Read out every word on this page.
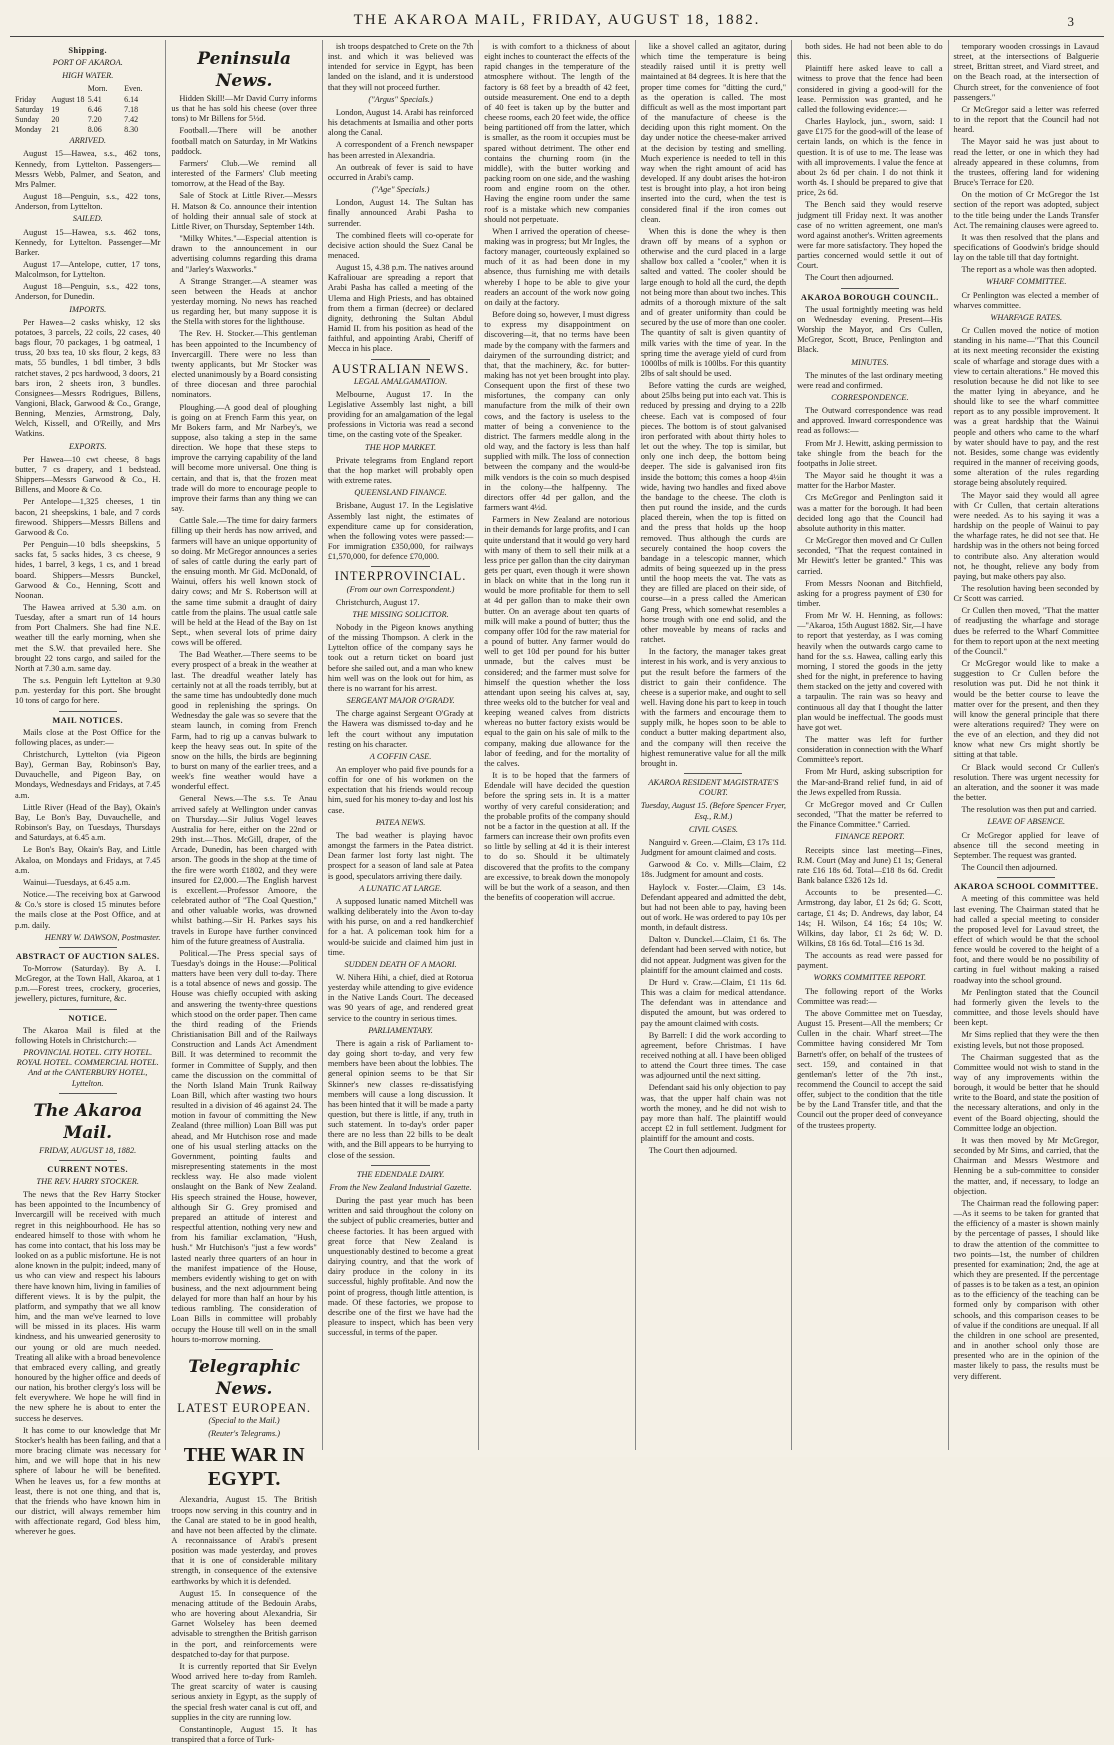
THE AKAROA MAIL, FRIDAY, AUGUST 18, 1882.	3
Shipping.
PORT OF AKAROA.
HIGH WATER.
Morn.	Even.
Friday	August 18 5.41	6.14
Saturday 19	6.46	7.18
Sunday	20	7.20	7.42
Monday	21	8.06	8.30
ARRIVED.

August 15—Hawea, s.s., 462 tons, Kennedy, from Lyttelton. Passengers—Messrs Webb, Palmer, and Seaton, and Mrs Palmer.

August 18—Penguin, s.s., 422 tons, Anderson, from Lyttelton.

SAILED.

August 15—Hawea, s.s. 462 tons, Kennedy, for Lyttelton. Passenger—Mr Barker.

August 17—Antelope, cutter, 17 tons, Malcolmson, for Lyttelton.

August 18—Penguin, s.s., 422 tons, Anderson, for Dunedin.

IMPORTS.

Per Hawea—2 casks whisky, 12 sks potatoes, 3 parcels, 22 coils, 22 cases, 40 bags flour, 70 packages, 1 bg oatmeal, 1 truss, 20 bxs tea, 10 sks flour, 2 kegs, 83 mats, 55 bundles, 1 bdl timber, 3 bdls ratchet staves, 2 pcs hardwood, 3 doors, 21 bars iron, 2 sheets iron, 3 bundles. Consignees—Messrs Rodrigues, Billens, Vangioni, Black, Garwood & Co., Grange, Benning, Menzies, Armstrong, Daly, Welch, Kissell, and O'Reilly, and Mrs Watkins.

EXPORTS.

Per Hawea—10 cwt cheese, 8 bags butter, 7 cs drapery, and 1 bedstead. Shippers—Messrs Garwood & Co., H. Billens, and Moore & Co.

Per Antelope—1,325 cheeses, 1 tin bacon, 21 sheepskins, 1 bale, and 7 cords firewood. Shippers—Messrs Billens and Garwood & Co.

Per Penguin—10 bdls sheepskins, 5 sacks fat, 5 sacks hides, 3 cs cheese, 9 hides, 1 barrel, 3 kegs, 1 cs, and 1 bread board. Shippers—Messrs Bunckel, Garwood & Co., Henning, Scott and Noonan.

The Hawea arrived at 5.30 a.m. on Tuesday, after a smart run of 14 hours from Port Chalmers. She had fine N.E. weather till the early morning, when she met the S.W. that prevailed here. She brought 22 tons cargo, and sailed for the North at 7.30 a.m. same day.

The s.s. Penguin left Lyttelton at 9.30 p.m. yesterday for this port. She brought 10 tons of cargo for here.

MAIL NOTICES.

Mails close at the Post Office for the following places, as under:—

Christchurch, Lyttelton (via Pigeon Bay), German Bay, Robinson's Bay, Duvauchelle, and Pigeon Bay, on Mondays, Wednesdays and Fridays, at 7.45 a.m.

Little River (Head of the Bay), Okain's Bay, Le Bon's Bay, Duvauchelle, and Robinson's Bay, on Tuesdays, Thursdays and Saturdays, at 6.45 a.m.

Le Bon's Bay, Okain's Bay, and Little Akaloa, on Mondays and Fridays, at 7.45 a.m.

Wainui—Tuesdays, at 6.45 a.m.

Notice.—The receiving box at Garwood & Co.'s store is closed 15 minutes before the mails close at the Post Office, and at p.m. daily.

HENRY W. DAWSON, Postmaster.
ABSTRACT OF AUCTION SALES.

To-Morrow (Saturday). By A. I. McGregor, at the Town Hall, Akaroa, at 1 p.m.—Forest trees, crockery, groceries, jewellery, pictures, furniture, &c.

NOTICE.

The Akaroa Mail is filed at the following Hotels in Christchurch:—

PROVINCIAL HOTEL. CITY HOTEL. ROYAL HOTEL. COMMERCIAL HOTEL. And at the CANTERBURY HOTEL, Lyttelton.
The Akaroa Mail.
FRIDAY, AUGUST 18, 1882.
CURRENT NOTES.
THE REV. HARRY STOCKER.

The news that the Rev Harry Stocker has been appointed to the Incumbency of Invercargill will be received with much regret in this neighbourhood. He has so endeared himself to those with whom he has come into contact, that his loss may be looked on as a public misfortune. He is not alone known in the pulpit; indeed, many of us who can view and respect his labours there have known him, living in families of different views. It is by the pulpit, the platform, and sympathy that we all know him, and the man we've learned to love will be missed in its places. His warm kindness, and his unwearied generosity to our young or old are much needed. Treating all alike with a broad benevolence that embraced every calling, and greatly honoured by the higher office and deeds of our nation, his brother clergy's loss will be felt everywhere. We hope he will find in the new sphere he is about to enter the success he deserves.

It has come to our knowledge that Mr Stocker's health has been failing, and that a more bracing climate was necessary for him, and we will hope that in his new sphere of labour he will be benefited. When he leaves us, for a few months at least, there is not one thing, and that is, that the friends who have known him in our district, will always remember him with affectionate regard, God bless him, wherever he goes.

Peninsula News.

Hidden Skill!—Mr David Curry informs us that he has sold his cheese (over three tons) to Mr Billens for 5½d.

Football.—There will be another football match on Saturday, in Mr Watkins paddock.

Farmers' Club.—We remind all interested of the Farmers' Club meeting tomorrow, at the Head of the Bay.

Sale of Stock at Little River.—Messrs H. Matson & Co. announce their intention of holding their annual sale of stock at Little River, on Thursday, September 14th.

"Milky Whites."—Especial attention is drawn to the announcement in our advertising columns regarding this drama and "Jarley's Waxworks."

A Strange Stranger.—A steamer was seen between the Heads at anchor yesterday morning. No news has reached us regarding her, but many suppose it is the Stella with stores for the lighthouse.

The Rev. H. Stocker.—This gentleman has been appointed to the Incumbency of Invercargill. There were no less than twenty applicants, but Mr Stocker was elected unanimously by a Board consisting of three diocesan and three parochial nominators.

Ploughing.—A good deal of ploughing is going on at French Farm this year, on Mr Bokers farm, and Mr Narbey's, we suppose, also taking a step in the same direction. We hope that these steps to improve the carrying capability of the land will become more universal. One thing is certain, and that is, that the frozen meat trade will do more to encourage people to improve their farms than any thing we can say.

Cattle Sale.—The time for dairy farmers filling up their herds has now arrived, and farmers will have an unique opportunity of so doing. Mr McGregor announces a series of sales of cattle during the early part of the ensuing month. Mr Gid. McDonald, of Wainui, offers his well known stock of dairy cows; and Mr S. Robertson will at the same time submit a draught of dairy cattle from the plains. The usual cattle sale will be held at the Head of the Bay on 1st Sept., when several lots of prime dairy cows will be offered.

The Bad Weather.—There seems to be every prospect of a break in the weather at last. The dreadful weather lately has certainly not at all the roads terribly, but at the same time has undoubtedly done much good in replenishing the springs. On Wednesday the gale was so severe that the steam launch, in coming from French Farm, had to rig up a canvas bulwark to keep the heavy seas out. In spite of the snow on the hills, the birds are beginning to burst on many of the earlier trees, and a week's fine weather would have a wonderful effect.

General News.—The s.s. Te Anau arrived safely at Wellington under canvas on Thursday.—Sir Julius Vogel leaves Australia for here, either on the 22nd or 29th inst.—Thos. McGill, draper, of the Arcade, Dunedin, has been charged with arson. The goods in the shop at the time of the fire were worth £1802, and they were insured for £2,000.—The English harvest is excellent.—Professor Amoore, the celebrated author of "The Coal Question," and other valuable works, was drowned whilst bathing.—Sir H. Parkes says his travels in Europe have further convinced him of the future greatness of Australia.

Political.—The Press special says of Tuesday's doings in the House:—Political matters have been very dull to-day. There is a total absence of news and gossip. The House was chiefly occupied with asking and answering the twenty-three questions which stood on the order paper. Then came the third reading of the Friends Christianisation Bill and of the Railways Construction and Lands Act Amendment Bill. It was determined to recommit the former in Committee of Supply, and then came the discussion on the committal of the North Island Main Trunk Railway Loan Bill, which after wasting two hours resulted in a division of 46 against 24. The motion in favour of committing the New Zealand (three million) Loan Bill was put ahead, and Mr Hutchison rose and made one of his usual sterling attacks on the Government, pointing faults and misrepresenting statements in the most reckless way. He also made violent onslaught on the Bank of New Zealand. His speech strained the House, however, although Sir G. Grey promised and prepared an attitude of interest and respectful attention, nothing very new and from his familiar exclamation, "Hush, hush." Mr Hutchison's "just a few words" lasted nearly three quarters of an hour in the manifest impatience of the House, members evidently wishing to get on with business, and the next adjournment being delayed for more than half an hour by his tedious rambling. The consideration of Loan Bills in committee will probably occupy the House till well on in the small hours to-morrow morning.

Telegraphic News.
LATEST EUROPEAN.
(Special to the Mail.)
(Reuter's Telegrams.)
THE WAR IN EGYPT.

Alexandria, August 15. The British troops now serving in this country and in the Canal are stated to be in good health, and have not been affected by the climate. A reconnaissance of Arabi's present position was made yesterday, and proves that it is one of considerable military strength, in consequence of the extensive earthworks by which it is defended.

August 15. In consequence of the menacing attitude of the Bedouin Arabs, who are hovering about Alexandria, Sir Garnet Wolseley has been deemed advisable to strengthen the British garrison in the port, and reinforcements were despatched to-day for that purpose.

It is currently reported that Sir Evelyn Wood arrived here to-day from Ramleh. The great scarcity of water is causing serious anxiety in Egypt, as the supply of the special fresh water canal is cut off, and supplies in the city are running low.

Constantinople, August 15. It has transpired that a force of Turk-

ish troops despatched to Crete on the 7th inst. and which it was believed was intended for service in Egypt, has been landed on the island, and it is understood that they will not proceed further.

("Argus" Specials.)

London, August 14. Arabi has reinforced his detachments at Ismailia and other ports along the Canal.

A correspondent of a French newspaper has been arrested in Alexandria.

An outbreak of fever is said to have occurred in Arabi's camp.

("Age" Specials.)

London, August 14. The Sultan has finally announced Arabi Pasha to surrender.

The combined fleets will co-operate for decisive action should the Suez Canal be menaced.

August 15, 4.38 p.m. The natives around Kafraliouar are spreading a report that Arabi Pasha has called a meeting of the Ulema and High Priests, and has obtained from them a firman (decree) or declared dignity, dethroning the Sultan Abdul Hamid II. from his position as head of the faithful, and appointing Arabi, Cheriff of Mecca in his place.

AUSTRALIAN NEWS.
LEGAL AMALGAMATION.

Melbourne, August 17. In the Legislative Assembly last night, a bill providing for an amalgamation of the legal professions in Victoria was read a second time, on the casting vote of the Speaker.

THE HOP MARKET.

Private telegrams from England report that the hop market will probably open with extreme rates.

QUEENSLAND FINANCE.

Brisbane, August 17. In the Legislative Assembly last night, the estimates of expenditure came up for consideration, when the following votes were passed:—For immigration £350,000, for railways £1,570,000, for defence £70,000.

INTERPROVINCIAL.
(From our own Correspondent.)

Christchurch, August 17.

THE MISSING SOLICITOR.

Nobody in the Pigeon knows anything of the missing Thompson. A clerk in the Lyttelton office of the company says he took out a return ticket on board just before she sailed out, and a man who knew him well was on the look out for him, as there is no warrant for his arrest.

SERGEANT MAJOR O'GRADY.

The charge against Sergeant O'Grady at the Hawera was dismissed to-day and he left the court without any imputation resting on his character.

A COFFIN CASE.

An employer who paid five pounds for a coffin for one of his workmen on the expectation that his friends would recoup him, sued for his money to-day and lost his case.

PATEA NEWS.

The bad weather is playing havoc amongst the farmers in the Patea district. Dean farmer lost forty last night. The prospect for a season of land sale at Patea is good, speculators arriving there daily.

A LUNATIC AT LARGE.

A supposed lunatic named Mitchell was walking deliberately into the Avon to-day with his purse, on and a red handkerchief for a hat. A policeman took him for a would-be suicide and claimed him just in time.

SUDDEN DEATH OF A MAORI.

W. Nihera Hihi, a chief, died at Rotorua yesterday while attending to give evidence in the Native Lands Court. The deceased was 90 years of age, and rendered great service to the country in serious times.

PARLIAMENTARY.

There is again a risk of Parliament to-day going short to-day, and very few members have been about the lobbies. The general opinion seems to be that Sir Skinner's new classes re-dissatisfying members will cause a long discussion. It has been hinted that it will be made a party question, but there is little, if any, truth in such statement. In to-day's order paper there are no less than 22 bills to be dealt with, and the Bill appears to be hurrying to close of the session.

THE EDENDALE DAIRY.
From the New Zealand Industrial Gazette.

During the past year much has been written and said throughout the colony on the subject of public creameries, butter and cheese factories. It has been argued with great force that New Zealand is unquestionably destined to become a great dairying country, and that the work of dairy produce in the colony in its successful, highly profitable. And now the point of progress, though little attention, is made. Of these factories, we propose to describe one of the first we have had the pleasure to inspect, which has been very successful, in terms of the paper.

is with comfort to a thickness of about eight inches to counteract the effects of the rapid changes in the temperature of the atmosphere without. The length of the factory is 68 feet by a breadth of 42 feet, outside measurement. One end to a depth of 40 feet is taken up by the butter and cheese rooms, each 20 feet wide, the office being partitioned off from the latter, which is smaller, as the room it occupies must be spared without detriment. The other end contains the churning room (in the middle), with the butter working and packing room on one side, and the washing room and engine room on the other. Having the engine room under the same roof is a mistake which new companies should not perpetuate.

When I arrived the operation of cheese-making was in progress; but Mr Ingles, the factory manager, courteously explained so much of it as had been done in my absence, thus furnishing me with details whereby I hope to be able to give your readers an account of the work now going on daily at the factory.

Before doing so, however, I must digress to express my disappointment on discovering—it, that no terms have been made by the company with the farmers and dairymen of the surrounding district; and that, that the machinery, &c. for butter-making has not yet been brought into play. Consequent upon the first of these two misfortunes, the company can only manufacture from the milk of their own cows, and the factory is useless to the matter of being a convenience to the district. The farmers meddle along in the old way, and the factory is less than half supplied with milk. The loss of connection between the company and the would-be milk vendors is the coin so much despised in the colony—the halfpenny. The directors offer 4d per gallon, and the farmers want 4½d.

Farmers in New Zealand are notorious in their demands for large profits, and I can quite understand that it would go very hard with many of them to sell their milk at a less price per gallon than the city dairyman gets per quart, even though it were shown in black on white that in the long run it would be more profitable for them to sell at 4d per gallon than to make their own butter. On an average about ten quarts of milk will make a pound of butter; thus the company offer 10d for the raw material for a pound of butter. Any farmer would do well to get 10d per pound for his butter unmade, but the calves must be considered; and the farmer must solve for himself the question whether the loss attendant upon seeing his calves at, say, three weeks old to the butcher for veal and keeping weaned calves from districts whereas no butter factory exists would be equal to the gain on his sale of milk to the company, making due allowance for the labor of feeding, and for the mortality of the calves.

It is to be hoped that the farmers of Edendale will have decided the question before the spring sets in. It is a matter worthy of very careful consideration; and the probable profits of the company should not be a factor in the question at all. If the farmers can increase their own profits even so little by selling at 4d it is their interest to do so. Should it be ultimately discovered that the profits to the company are excessive, to break down the monopoly will be but the work of a season, and then the benefits of cooperation will accrue.

like a shovel called an agitator, during which time the temperature is being steadily raised until it is pretty well maintained at 84 degrees. It is here that the proper time comes for "ditting the curd," as the operation is called. The most difficult as well as the most important part of the manufacture of cheese is the deciding upon this right moment. On the day under notice the cheese-maker arrived at the decision by testing and smelling. Much experience is needed to tell in this way when the right amount of acid has developed. If any doubt arises the hot-iron test is brought into play, a hot iron being inserted into the curd, when the test is considered final if the iron comes out clean.

When this is done the whey is then drawn off by means of a syphon or otherwise and the curd placed in a large shallow box called a "cooler," when it is salted and vatted. The cooler should be large enough to hold all the curd, the depth not being more than about two inches. This admits of a thorough mixture of the salt and of greater uniformity than could be secured by the use of more than one cooler. The quantity of salt is given quantity of milk varies with the time of year. In the spring time the average yield of curd from 1000lbs of milk is 100lbs. For this quantity 2lbs of salt should be used.

Before vatting the curds are weighed, about 25lbs being put into each vat. This is reduced by pressing and drying to a 22lb cheese. Each vat is composed of four pieces. The bottom is of stout galvanised iron perforated with about thirty holes to let out the whey. The top is similar, but only one inch deep, the bottom being deeper. The side is galvanised iron fits inside the bottom; this comes a hoop 4½in wide, having two handles and fixed above the bandage to the cheese. The cloth is then put round the inside, and the curds placed therein, when the top is fitted on and the press that holds up the hoop removed. Thus although the curds are securely contained the hoop covers the bandage in a telescopic manner, which admits of being squeezed up in the press until the hoop meets the vat. The vats as they are filled are placed on their side, of course—in a press called the American Gang Press, which somewhat resembles a horse trough with one end solid, and the other moveable by means of racks and ratchet.

In the factory, the manager takes great interest in his work, and is very anxious to put the result before the farmers of the district to gain their confidence. The cheese is a superior make, and ought to sell well. Having done his part to keep in touch with the farmers and encourage them to supply milk, he hopes soon to be able to conduct a butter making department also, and the company will then receive the highest remunerative value for all the milk brought in.

AKAROA RESIDENT MAGISTRATE'S COURT.
Tuesday, August 15. (Before Spencer Fryer, Esq., R.M.)
CIVIL CASES.

Nanguird v. Green.—Claim, £3 17s 11d. Judgment for amount claimed and costs.

Garwood & Co. v. Mills—Claim, £2 18s. Judgment for amount and costs.

Haylock v. Foster.—Claim, £3 14s. Defendant appeared and admitted the debt, but had not been able to pay, having been out of work. He was ordered to pay 10s per month, in default distress.

Dalton v. Dunckel.—Claim, £1 6s. The defendant had been served with notice, but did not appear. Judgment was given for the plaintiff for the amount claimed and costs.

Dr Hurd v. Craw.—Claim, £1 11s 6d. This was a claim for medical attendance. The defendant was in attendance and disputed the amount, but was ordered to pay the amount claimed with costs.

By Barrell: I did the work according to agreement, before Christmas. I have received nothing at all. I have been obliged to attend the Court three times. The case was adjourned until the next sitting.

Defendant said his only objection to pay was, that the upper half chain was not worth the money, and he did not wish to pay more than half. The plaintiff would accept £2 in full settlement. Judgment for plaintiff for the amount and costs.

The Court then adjourned.

both sides. He had not been able to do this.

Plaintiff here asked leave to call a witness to prove that the fence had been considered in giving a good-will for the lease. Permission was granted, and he called the following evidence:—

Charles Haylock, jun., sworn, said: I gave £175 for the good-will of the lease of certain lands, on which is the fence in question. It is of use to me. The lease was with all improvements. I value the fence at about 2s 6d per chain. I do not think it worth 4s. I should be prepared to give that price, 2s 6d.

The Bench said they would reserve judgment till Friday next. It was another case of no written agreement, one man's word against another's. Written agreements were far more satisfactory. They hoped the parties concerned would settle it out of Court.

The Court then adjourned.

AKAROA BOROUGH COUNCIL.

The usual fortnightly meeting was held on Wednesday evening. Present—His Worship the Mayor, and Crs Cullen, McGregor, Scott, Bruce, Penlington and Black.

MINUTES.

The minutes of the last ordinary meeting were read and confirmed.

CORRESPONDENCE.

The Outward correspondence was read and approved. Inward correspondence was read as follows:—

From Mr J. Hewitt, asking permission to take shingle from the beach for the footpaths in Jolie street.

The Mayor said he thought it was a matter for the Harbor Master.

Crs McGregor and Penlington said it was a matter for the borough. It had been decided long ago that the Council had absolute authority in this matter.

Cr McGregor then moved and Cr Cullen seconded, "That the request contained in Mr Hewitt's letter be granted." This was carried.

From Messrs Noonan and Bitchfield, asking for a progress payment of £30 for timber.

From Mr W. H. Henning, as follows:—"Akaroa, 15th August 1882. Sir,—I have to report that yesterday, as I was coming heavily when the outwards cargo came to hand for the s.s. Hawea, calling early this morning, I stored the goods in the jetty shed for the night, in preference to having them stacked on the jetty and covered with a tarpaulin. The rain was so heavy and continuous all day that I thought the latter plan would be ineffectual. The goods must have got wet.

The matter was left for further consideration in connection with the Wharf Committee's report.

From Mr Hurd, asking subscription for the Mar-and-Brand relief fund, in aid of the Jews expelled from Russia.

Cr McGregor moved and Cr Cullen seconded, "That the matter be referred to the Finance Committee." Carried.

FINANCE REPORT.

Receipts since last meeting—Fines, R.M. Court (May and June) £1 1s; General rate £16 18s 6d. Total—£18 8s 6d. Credit Bank balance £326 12s 1d.

Accounts to be presented—C. Armstrong, day labor, £1 2s 6d; G. Scott, cartage, £1 4s; D. Andrews, day labor, £4 14s; H. Wilson, £4 16s; £4 10s; W. Wilkins, day labor, £1 2s 6d; W. D. Wilkins, £8 16s 6d. Total—£16 1s 3d.

The accounts as read were passed for payment.

WORKS COMMITTEE REPORT.

The following report of the Works Committee was read:—

The above Committee met on Tuesday, August 15. Present—All the members; Cr Cullen in the chair. Wharf street—The Committee having considered Mr Tom Barnett's offer, on behalf of the trustees of sect. 159, and contained in that gentleman's letter of the 7th inst., recommend the Council to accept the said offer, subject to the condition that the title be by the Land Transfer title, and that the Council out the proper deed of conveyance of the trustees property.

temporary wooden crossings in Lavaud street, at the intersections of Balguerie street, Brittan street, and Viard street, and on the Beach road, at the intersection of Church street, for the convenience of foot passengers."

Cr McGregor said a letter was referred to in the report that the Council had not heard.

The Mayor said he was just about to read the letter, or one in which they had already appeared in these columns, from the trustees, offering land for widening Bruce's Terrace for £20.

On the motion of Cr McGregor the 1st section of the report was adopted, subject to the title being under the Lands Transfer Act. The remaining clauses were agreed to.

It was then resolved that the plans and specifications of Goodwin's bridge should lay on the table till that day fortnight.

The report as a whole was then adopted.

WHARF COMMITTEE.

Cr Penlington was elected a member of wharves committee.

WHARFAGE RATES.

Cr Cullen moved the notice of motion standing in his name—"That this Council at its next meeting reconsider the existing scale of wharfage and storage dues with a view to certain alterations." He moved this resolution because he did not like to see the matter lying in abeyance, and he should like to see the wharf committee report as to any possible improvement. It was a great hardship that the Wainui people and others who came to the wharf by water should have to pay, and the rest not. Besides, some change was evidently required in the manner of receiving goods, some alteration of the rules regarding storage being absolutely required.

The Mayor said they would all agree with Cr Cullen, that certain alterations were needed. As to his saying it was a hardship on the people of Wainui to pay the wharfage rates, he did not see that. He hardship was in the others not being forced to contribute also. Any alteration would not, he thought, relieve any body from paying, but make others pay also.

The resolution having been seconded by Cr Scott was carried.

Cr Cullen then moved, "That the matter of readjusting the wharfage and storage dues be referred to the Wharf Committee for them to report upon at the next meeting of the Council."

Cr McGregor would like to make a suggestion to Cr Cullen before the resolution was put. Did he not think it would be the better course to leave the matter over for the present, and then they will know the general principle that there were alterations required? They were on the eve of an election, and they did not know what new Crs might shortly be sitting at that table.

Cr Black would second Cr Cullen's resolution. There was urgent necessity for an alteration, and the sooner it was made the better.

The resolution was then put and carried.

LEAVE OF ABSENCE.

Cr McGregor applied for leave of absence till the second meeting in September. The request was granted.

The Council then adjourned.

AKAROA SCHOOL COMMITTEE.

A meeting of this committee was held last evening. The Chairman stated that he had called a special meeting to consider the proposed level for Lavaud street, the effect of which would be that the school fence would be covered to the height of a foot, and there would be no possibility of carting in fuel without making a raised roadway into the school ground.

Mr Penlington stated that the Council had formerly given the levels to the committee, and those levels should have been kept.

Mr Sims replied that they were the then existing levels, but not those proposed.

The Chairman suggested that as the Committee would not wish to stand in the way of any improvements within the borough, it would be better that he should write to the Board, and state the position of the necessary alterations, and only in the event of the Board objecting, should the Committee lodge an objection.

It was then moved by Mr McGregor, seconded by Mr Sims, and carried, that the Chairman and Messrs Westmore and Henning be a sub-committee to consider the matter, and, if necessary, to lodge an objection.

The Chairman read the following paper:—As it seems to be taken for granted that the efficiency of a master is shown mainly by the percentage of passes, I should like to draw the attention of the committee to two points—1st, the number of children presented for examination; 2nd, the age at which they are presented. If the percentage of passes is to be taken as a test, an opinion as to the efficiency of the teaching can be formed only by comparison with other schools, and this comparison ceases to be of value if the conditions are unequal. If all the children in one school are presented, and in another school only those are presented who are in the opinion of the master likely to pass, the results must be very different.
